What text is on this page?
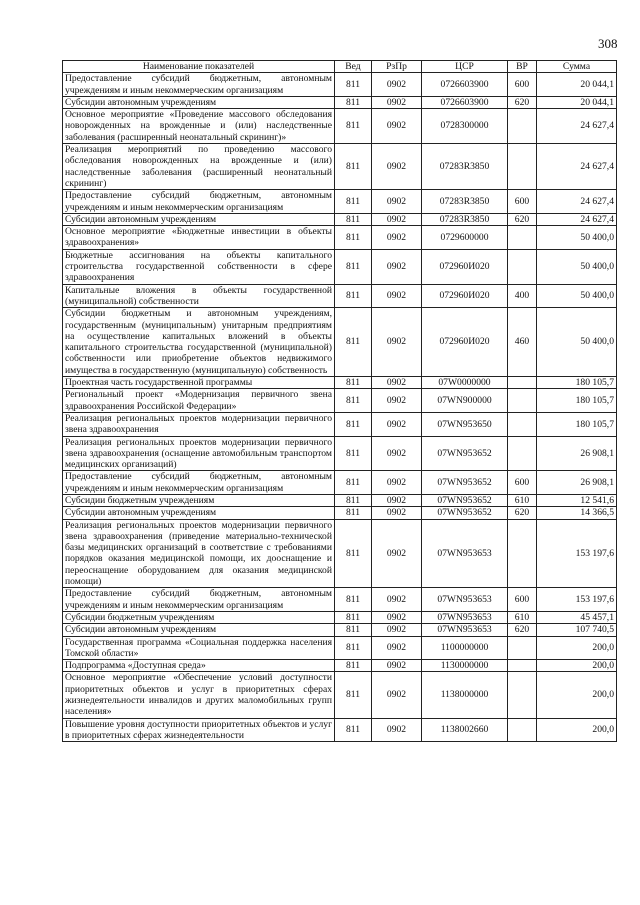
308
Наименование показателей	Вед	РзПр	ЦСР	ВР	Сумма
Предоставление субсидий бюджетным, автономным учреждениям и иным некоммерческим организациям	811	0902	0726603900	600	20 044,1
Субсидии автономным учреждениям	811	0902	0726603900	620	20 044,1
Основное мероприятие «Проведение массового обследования новорожденных на врожденные и (или) наследственные заболевания (расширенный неонатальный скрининг)»	811	0902	0728300000		24 627,4
Реализация мероприятий по проведению массового обследования новорожденных на врожденные и (или) наследственные заболевания (расширенный неонатальный скрининг)	811	0902	07283R3850		24 627,4
Предоставление субсидий бюджетным, автономным учреждениям и иным некоммерческим организациям	811	0902	07283R3850	600	24 627,4
Субсидии автономным учреждениям	811	0902	07283R3850	620	24 627,4
Основное мероприятие «Бюджетные инвестиции в объекты здравоохранения»	811	0902	0729600000		50 400,0
Бюджетные ассигнования на объекты капитального строительства государственной собственности в сфере здравоохранения	811	0902	072960И020		50 400,0
Капитальные вложения в объекты государственной (муниципальной) собственности	811	0902	072960И020	400	50 400,0
Субсидии бюджетным и автономным учреждениям, государственным (муниципальным) унитарным предприятиям на осуществление капитальных вложений в объекты капитального строительства государственной (муниципальной) собственности или приобретение объектов недвижимого имущества в государственную (муниципальную) собственность	811	0902	072960И020	460	50 400,0
Проектная часть государственной программы	811	0902	07W0000000		180 105,7
Региональный проект «Модернизация первичного звена здравоохранения Российской Федерации»	811	0902	07WN900000		180 105,7
Реализация региональных проектов модернизации первичного звена здравоохранения	811	0902	07WN953650		180 105,7
Реализация региональных проектов модернизации первичного звена здравоохранения (оснащение автомобильным транспортом медицинских организаций)	811	0902	07WN953652		26 908,1
Предоставление субсидий бюджетным, автономным учреждениям и иным некоммерческим организациям	811	0902	07WN953652	600	26 908,1
Субсидии бюджетным учреждениям	811	0902	07WN953652	610	12 541,6
Субсидии автономным учреждениям	811	0902	07WN953652	620	14 366,5
Реализация региональных проектов модернизации первичного звена здравоохранения (приведение материально-технической базы медицинских организаций в соответствие с требованиями порядков оказания медицинской помощи, их дооснащение и переоснащение оборудованием для оказания медицинской помощи)	811	0902	07WN953653		153 197,6
Предоставление субсидий бюджетным, автономным учреждениям и иным некоммерческим организациям	811	0902	07WN953653	600	153 197,6
Субсидии бюджетным учреждениям	811	0902	07WN953653	610	45 457,1
Субсидии автономным учреждениям	811	0902	07WN953653	620	107 740,5
Государственная программа «Социальная поддержка населения Томской области»	811	0902	1100000000		200,0
Подпрограмма «Доступная среда»	811	0902	1130000000		200,0
Основное мероприятие «Обеспечение условий доступности приоритетных объектов и услуг в приоритетных сферах жизнедеятельности инвалидов и других маломобильных групп населения»	811	0902	1138000000		200,0
Повышение уровня доступности приоритетных объектов и услуг в приоритетных сферах жизнедеятельности	811	0902	1138002660		200,0
